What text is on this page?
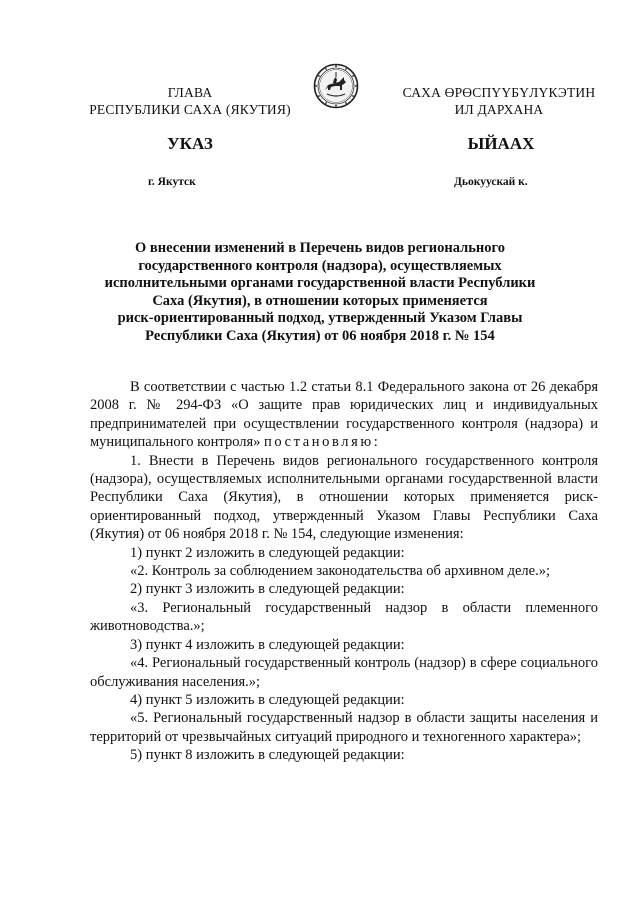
ГЛАВА
РЕСПУБЛИКИ САХА (ЯКУТИЯ)
САХА ӨРӨСПҮҮБҮЛҮКЭТИН
ИЛ ДАРХАНА
УКАЗ	ЫЙААХ
г. Якутск	Дьокуускай к.
О внесении изменений в Перечень видов регионального
государственного контроля (надзора), осуществляемых
исполнительными органами государственной власти Республики
Саха (Якутия), в отношении которых применяется
риск-ориентированный подход, утвержденный Указом Главы
Республики Саха (Якутия) от 06 ноября 2018 г. № 154

В соответствии с частью 1.2 статьи 8.1 Федерального закона от 26 декабря 2008 г. № 294-ФЗ «О защите прав юридических лиц и индивидуальных предпринимателей при осуществлении государственного контроля (надзора) и муниципального контроля» постановляю:

1. Внести в Перечень видов регионального государственного контроля (надзора), осуществляемых исполнительными органами государственной власти Республики Саха (Якутия), в отношении которых применяется риск-ориентированный подход, утвержденный Указом Главы Республики Саха (Якутия) от 06 ноября 2018 г. № 154, следующие изменения:

1) пункт 2 изложить в следующей редакции:

«2. Контроль за соблюдением законодательства об архивном деле.»;

2) пункт 3 изложить в следующей редакции:

«3. Региональный государственный надзор в области племенного животноводства.»;

3) пункт 4 изложить в следующей редакции:

«4. Региональный государственный контроль (надзор) в сфере социального обслуживания населения.»;

4) пункт 5 изложить в следующей редакции:

«5. Региональный государственный надзор в области защиты населения и территорий от чрезвычайных ситуаций природного и техногенного характера»;

5) пункт 8 изложить в следующей редакции:
